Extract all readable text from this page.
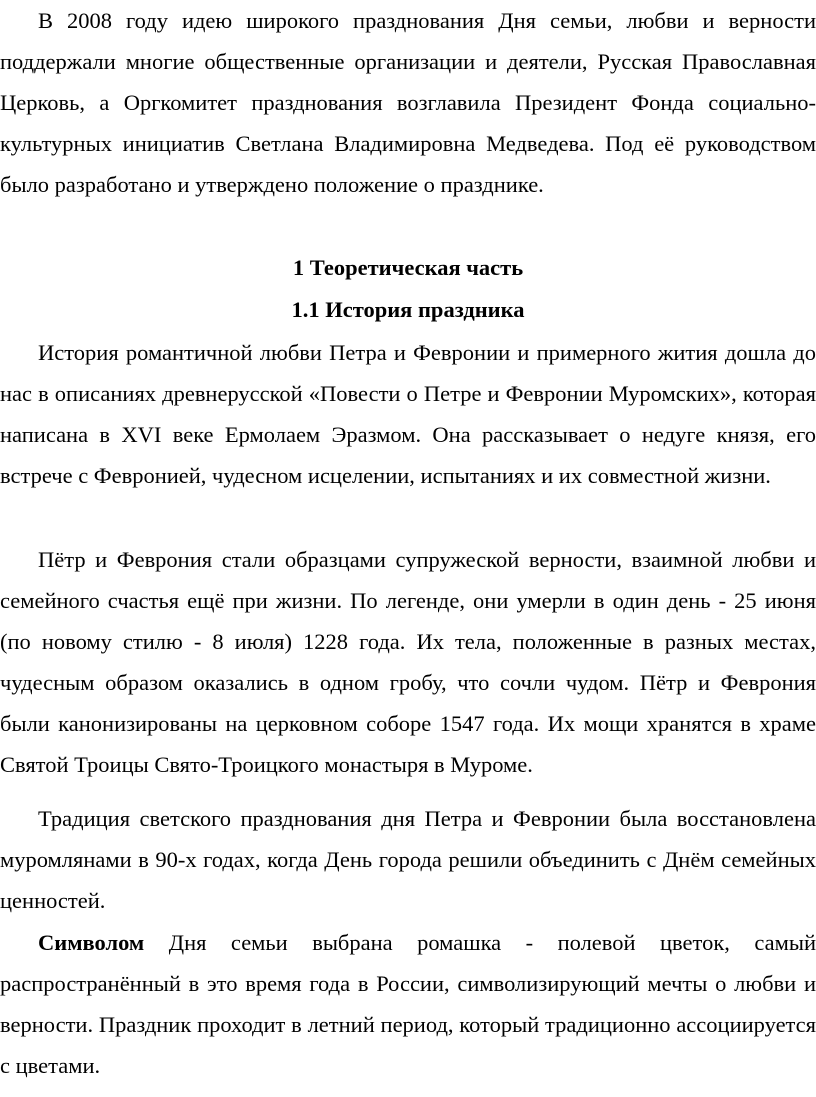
В 2008 году идею широкого празднования Дня семьи, любви и верности поддержали многие общественные организации и деятели, Русская Православная Церковь, а Оргкомитет празднования возглавила Президент Фонда социально-культурных инициатив Светлана Владимировна Медведева. Под её руководством было разработано и утверждено положение о празднике.

1 Теоретическая часть

1.1 История праздника

История романтичной любви Петра и Февронии и примерного жития дошла до нас в описаниях древнерусской «Повести о Петре и Февронии Муромских», которая написана в XVI веке Ермолаем Эразмом. Она рассказывает о недуге князя, его встрече с Февронией, чудесном исцелении, испытаниях и их совместной жизни.

Пётр и Феврония стали образцами супружеской верности, взаимной любви и семейного счастья ещё при жизни. По легенде, они умерли в один день - 25 июня (по новому стилю - 8 июля) 1228 года. Их тела, положенные в разных местах, чудесным образом оказались в одном гробу, что сочли чудом. Пётр и Феврония были канонизированы на церковном соборе 1547 года. Их мощи хранятся в храме Святой Троицы Свято-Троицкого монастыря в Муроме.

Традиция светского празднования дня Петра и Февронии была восстановлена муромлянами в 90-х годах, когда День города решили объединить с Днём семейных ценностей.

Символом Дня семьи выбрана ромашка - полевой цветок, самый распространённый в это время года в России, символизирующий мечты о любви и верности. Праздник проходит в летний период, который традиционно ассоциируется с цветами.
